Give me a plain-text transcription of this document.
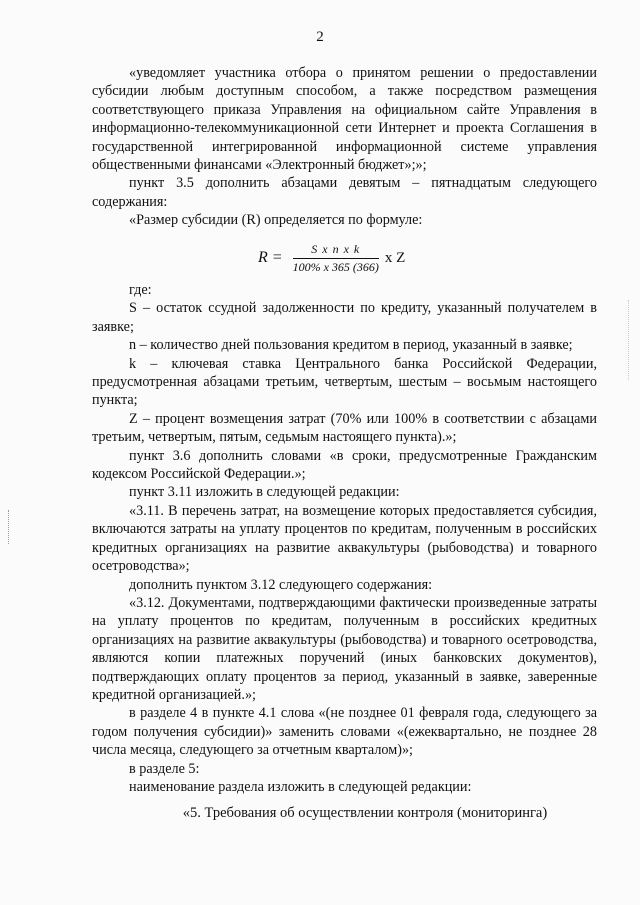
2

«уведомляет участника отбора о принятом решении о предоставлении субсидии любым доступным способом, а также посредством размещения соответствующего приказа Управления на официальном сайте Управления в информационно-телекоммуникационной сети Интернет и проекта Соглашения в государственной интегрированной информационной системе управления общественными финансами «Электронный бюджет»;»;

пункт 3.5 дополнить абзацами девятым – пятнадцатым следующего содержания:

«Размер субсидии (R) определяется по формуле:

$R = \frac{\text{S x n x k}}{100\% x 365 (366)}$ x Z

где:

S – остаток ссудной задолженности по кредиту, указанный получателем в заявке;

n – количество дней пользования кредитом в период, указанный в заявке;

k – ключевая ставка Центрального банка Российской Федерации, предусмотренная абзацами третьим, четвертым, шестым – восьмым настоящего пункта;

Z – процент возмещения затрат (70% или 100% в соответствии с абзацами третьим, четвертым, пятым, седьмым настоящего пункта).»;

пункт 3.6 дополнить словами «в сроки, предусмотренные Гражданским кодексом Российской Федерации.»;

пункт 3.11 изложить в следующей редакции:

«3.11. В перечень затрат, на возмещение которых предоставляется субсидия, включаются затраты на уплату процентов по кредитам, полученным в российских кредитных организациях на развитие аквакультуры (рыбоводства) и товарного осетроводства»;

дополнить пунктом 3.12 следующего содержания:

«3.12. Документами, подтверждающими фактически произведенные затраты на уплату процентов по кредитам, полученным в российских кредитных организациях на развитие аквакультуры (рыбоводства) и товарного осетроводства, являются копии платежных поручений (иных банковских документов), подтверждающих оплату процентов за период, указанный в заявке, заверенные кредитной организацией.»;

в разделе 4 в пункте 4.1 слова «(не позднее 01 февраля года, следующего за годом получения субсидии)» заменить словами «(ежеквартально, не позднее 28 числа месяца, следующего за отчетным кварталом)»;

в разделе 5:

наименование раздела изложить в следующей редакции:

«5. Требования об осуществлении контроля (мониторинга)
